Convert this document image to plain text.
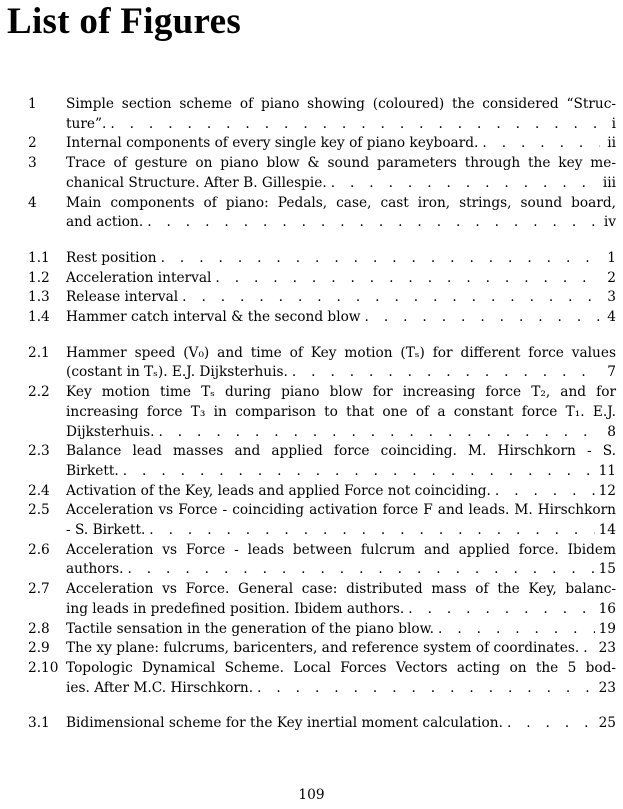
List of Figures
1 Simple section scheme of piano showing (coloured) the considered “Struc-
ture”. . . .	i
2 Internal components of every single key of piano keyboard. . . .	ii
3 Trace of gesture on piano blow & sound parameters through the key me-
chanical Structure. After B. Gillespie. . . .	iii
4 Main components of piano: Pedals, case, cast iron, strings, sound board,
and action. . . .	iv
1.1 Rest position . . .	1
1.2 Acceleration interval . . .	2
1.3 Release interval . . .	3
1.4 Hammer catch interval & the second blow . . .	4
2.1 Hammer speed (V₀) and time of Key motion (Tₛ) for different force values
(costant in Tₛ). E.J. Dijksterhuis. . . .	7
2.2 Key motion time Tₛ during piano blow for increasing force T₂, and for
increasing force T₃ in comparison to that one of a constant force T₁. E.J.
Dijksterhuis. . . .	8
2.3 Balance lead masses and applied force coinciding. M. Hirschkorn - S.
Birkett. . . .	11
2.4 Activation of the Key, leads and applied Force not coinciding. . . .	12
2.5 Acceleration vs Force - coinciding activation force F and leads. M. Hirschkorn
- S. Birkett. . . .	14
2.6 Acceleration vs Force - leads between fulcrum and applied force. Ibidem
authors. . . .	15
2.7 Acceleration vs Force. General case: distributed mass of the Key, balanc-
ing leads in predefined position. Ibidem authors. . . .	16
2.8 Tactile sensation in the generation of the piano blow. . . .	19
2.9 The xy plane: fulcrums, baricenters, and reference system of coordinates. . . . 23
2.10 Topologic Dynamical Scheme. Local Forces Vectors acting on the 5 bod-
ies. After M.C. Hirschkorn. . . .	23
3.1 Bidimensional scheme for the Key inertial moment calculation. . . .	25
109
